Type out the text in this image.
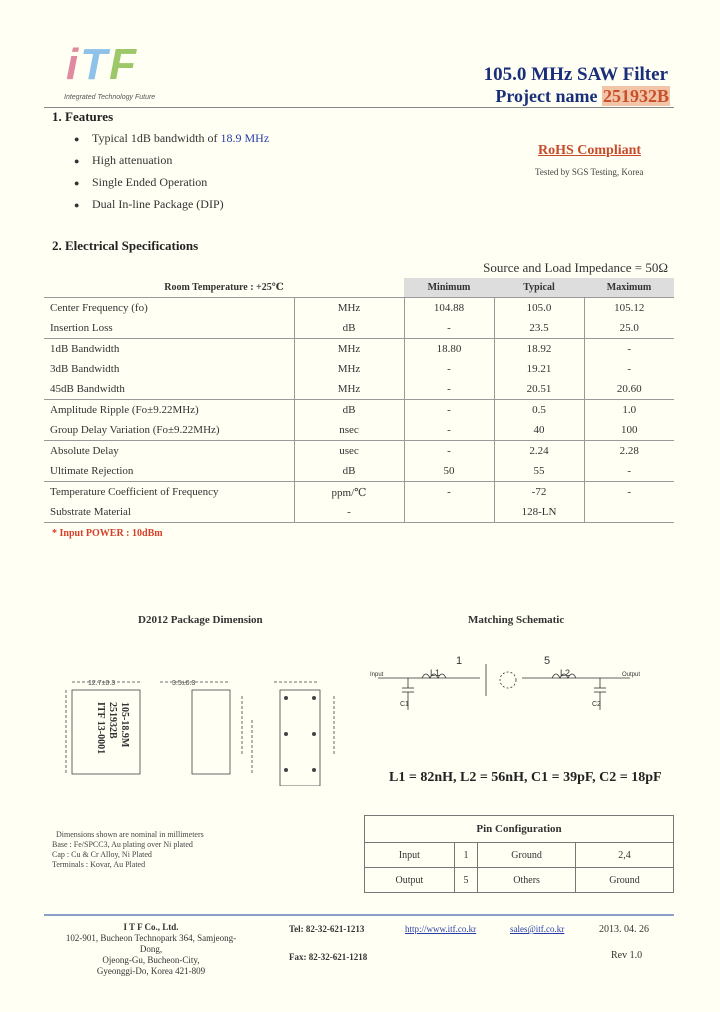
iTF
Integrated Technology Future
105.0 MHz SAW Filter
Project name 251932B
1. Features
● Typical 1dB bandwidth of 18.9 MHz
● High attenuation
● Single Ended Operation
● Dual In-line Package (DIP)
RoHS Compliant
Tested by SGS Testing, Korea
2. Electrical Specifications
Source and Load Impedance = 50Ω
Room Temperature : +25℃		Minimum	Typical	Maximum
Center Frequency (fo)	MHz	104.88	105.0	105.12
Insertion Loss	dB	-	23.5	25.0
1dB Bandwidth	MHz	18.80	18.92	-
3dB Bandwidth	MHz	-	19.21	-
45dB Bandwidth	MHz	-	20.51	20.60
Amplitude Ripple (Fo±9.22MHz)	dB	-	0.5	1.0
Group Delay Variation (Fo±9.22MHz)	nsec	-	40	100
Absolute Delay	usec	-	2.24	2.28
Ultimate Rejection	dB	50	55	-
Temperature Coefficient of Frequency	ppm/℃	-	-72	-
Substrate Material	-		128-LN	
* Input POWER : 10dBm
D2012 Package Dimension
12.7±0.3	3.5±0.3
ITF 13-0001 251932B 105-18.9M
Matching Schematic
1	5
L1	L2
C1	C2
Input	Output
L1 = 82nH, L2 = 56nH, C1 = 39pF, C2 = 18pF
Dimensions shown are nominal in millimeters
Base : Fe/SPCC3, Au plating over Ni plated
Cap : Cu & Cr Alloy, Ni Plated
Terminals : Kovar, Au Plated
Pin Configuration			
Input	1	Ground	2,4
Output	5	Others	Ground
I T F Co., Ltd.
102-901, Bucheon Technopark 364, Samjeong-Dong,
Ojeong-Gu, Bucheon-City,
Gyeonggi-Do, Korea 421-809
Tel: 82-32-621-1213
Fax: 82-32-621-1218
http://www.itf.co.kr	sales@itf.co.kr	2013. 04. 26
Rev 1.0
